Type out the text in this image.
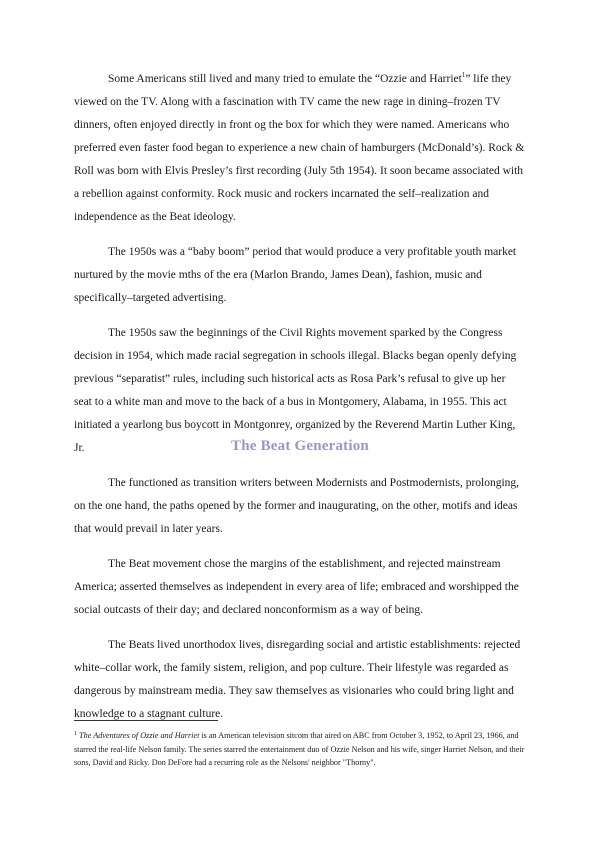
Some Americans still lived and many tried to emulate the “Ozzie and Harriet$^1$” life they viewed on the TV. Along with a fascination with TV came the new rage in dining–frozen TV dinners, often enjoyed directly in front og the box for which they were named. Americans who preferred even faster food began to experience a new chain of hamburgers (McDonald’s). Rock & Roll was born with Elvis Presley’s first recording (July 5th 1954). It soon became associated with a rebellion against conformity. Rock music and rockers incarnated the self–realization and independence as the Beat ideology.

The 1950s was a “baby boom” period that would produce a very profitable youth market nurtured by the movie mths of the era (Marlon Brando, James Dean), fashion, music and specifically–targeted advertising.

The 1950s saw the beginnings of the Civil Rights movement sparked by the Congress decision in 1954, which made racial segregation in schools illegal. Blacks began openly defying previous “separatist” rules, including such historical acts as Rosa Park’s refusal to give up her seat to a white man and move to the back of a bus in Montgomery, Alabama, in 1955. This act initiated a yearlong bus boycott in Montgonrey, organized by the Reverend Martin Luther King, Jr.	The Beat Generation

The functioned as transition writers between Modernists and Postmodernists, prolonging, on the one hand, the paths opened by the former and inaugurating, on the other, motifs and ideas that would prevail in later years.

The Beat movement chose the margins of the establishment, and rejected mainstream America; asserted themselves as independent in every area of life; embraced and worshipped the social outcasts of their day; and declared nonconformism as a way of being.

The Beats lived unorthodox lives, disregarding social and artistic establishments: rejected white–collar work, the family sistem, religion, and pop culture. Their lifestyle was regarded as dangerous by mainstream media. They saw themselves as visionaries who could bring light and knowledge to a stagnant culture.

$^1$ The Adventures of Ozzie and Harriet is an American television sitcom that aired on ABC from October 3, 1952, to April 23, 1966, and starred the real-life Nelson family. The series starred the entertainment duo of Ozzie Nelson and his wife, singer Harriet Nelson, and their sons, David and Ricky. Don DeFore had a recurring role as the Nelsons' neighbor "Thorny".
